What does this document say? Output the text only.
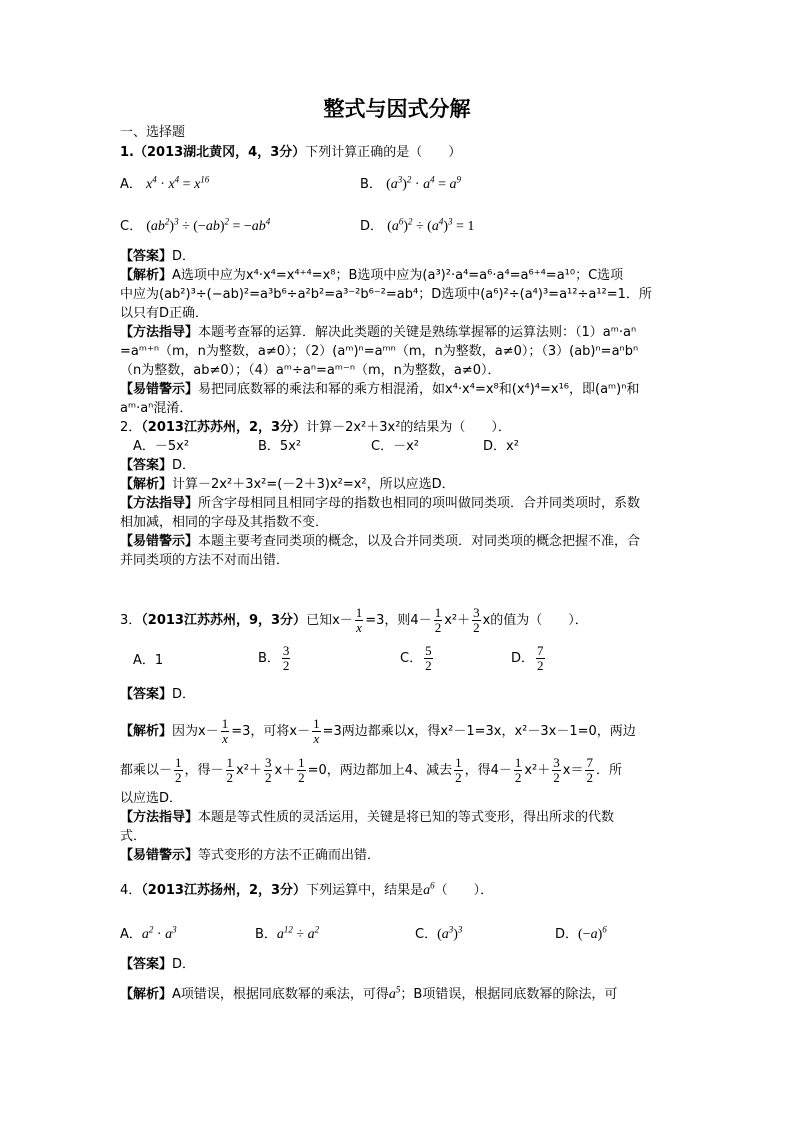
整式与因式分解
一、选择题
1.（2013湖北黄冈，4，3分）下列计算正确的是（　　）
A． $x^4 \cdot x^4 = x^{16}$	B． $(a^3)^2 \cdot a^4 = a^9$
C． $(ab^2)^3 \div (-ab)^2 = -ab^4$	D． $(a^6)^2 \div (a^4)^3 = 1$
【答案】D．
【解析】A选项中应为x⁴·x⁴=x⁴⁺⁴=x⁸；B选项中应为(a³)²·a⁴=a⁶·a⁴=a⁶⁺⁴=a¹⁰；C选项
中应为(ab²)³÷(−ab)²=a³b⁶÷a²b²=a³⁻²b⁶⁻²=ab⁴；D选项中(a⁶)²÷(a⁴)³=a¹²÷a¹²=1．所
以只有D正确．
【方法指导】本题考查幂的运算．解决此类题的关键是熟练掌握幂的运算法则：（1）aᵐ·aⁿ
=aᵐ⁺ⁿ（m，n为整数，a≠0）；（2）(aᵐ)ⁿ=aᵐⁿ（m，n为整数，a≠0）；（3）(ab)ⁿ=aⁿbⁿ
（n为整数，ab≠0）；（4）aᵐ÷aⁿ=aᵐ⁻ⁿ（m，n为整数，a≠0）．
【易错警示】易把同底数幂的乘法和幂的乘方相混淆，如x⁴·x⁴=x⁸和(x⁴)⁴=x¹⁶，即(aᵐ)ⁿ和
aᵐ·aⁿ混淆．
2．（2013江苏苏州，2，3分）计算－2x²＋3x²的结果为（　　）．
A．－5x²	B．5x²	C．－x²	D．x²
【答案】D．
【解析】计算－2x²＋3x²=(－2＋3)x²=x²，所以应选D．
【方法指导】所含字母相同且相同字母的指数也相同的项叫做同类项．合并同类项时，系数
相加减，相同的字母及其指数不变．
【易错警示】本题主要考查同类项的概念，以及合并同类项．对同类项的概念把握不准，合
并同类项的方法不对而出错．
3．（2013江苏苏州，9，3分）已知$x- \frac{1}{x} =3$，则$4- \frac{1}{2} x^2+ \frac{3}{2}$ x的值为（　　）．
A．1	B． $\frac{3}{2}$	C． $\frac{5}{2}$	D． $\frac{7}{2}$
【答案】D．
【解析】因为$x- \frac{1}{x} =3$，可将$x- \frac{1}{x} =3$两边都乘以x，得x²－1=3x，x²－3x－1=0，两边
都乘以－ $\frac{1}{2}$ ，得－ $\frac{1}{2} x^2+ \frac{3}{2} x+ \frac{1}{2} =0$，两边都加上4、减去 $\frac{1}{2}$ ，得$4- \frac{1}{2} x^2+ \frac{3}{2} x= \frac{7}{2}$ ．所
以应选D．
【方法指导】本题是等式性质的灵活运用，关键是将已知的等式变形，得出所求的代数
式．
【易错警示】等式变形的方法不正确而出错．
4．（2013江苏扬州，2，3分）下列运算中，结果是$a^6$（　　）．
A．$a^2 \cdot a^3$	B．$a^{12} \div a^2$	C．$(a^3)^3$	D．$(-a)^6$
【答案】D．
【解析】A项错误，根据同底数幂的乘法，可得$a^5$；B项错误，根据同底数幂的除法，可
